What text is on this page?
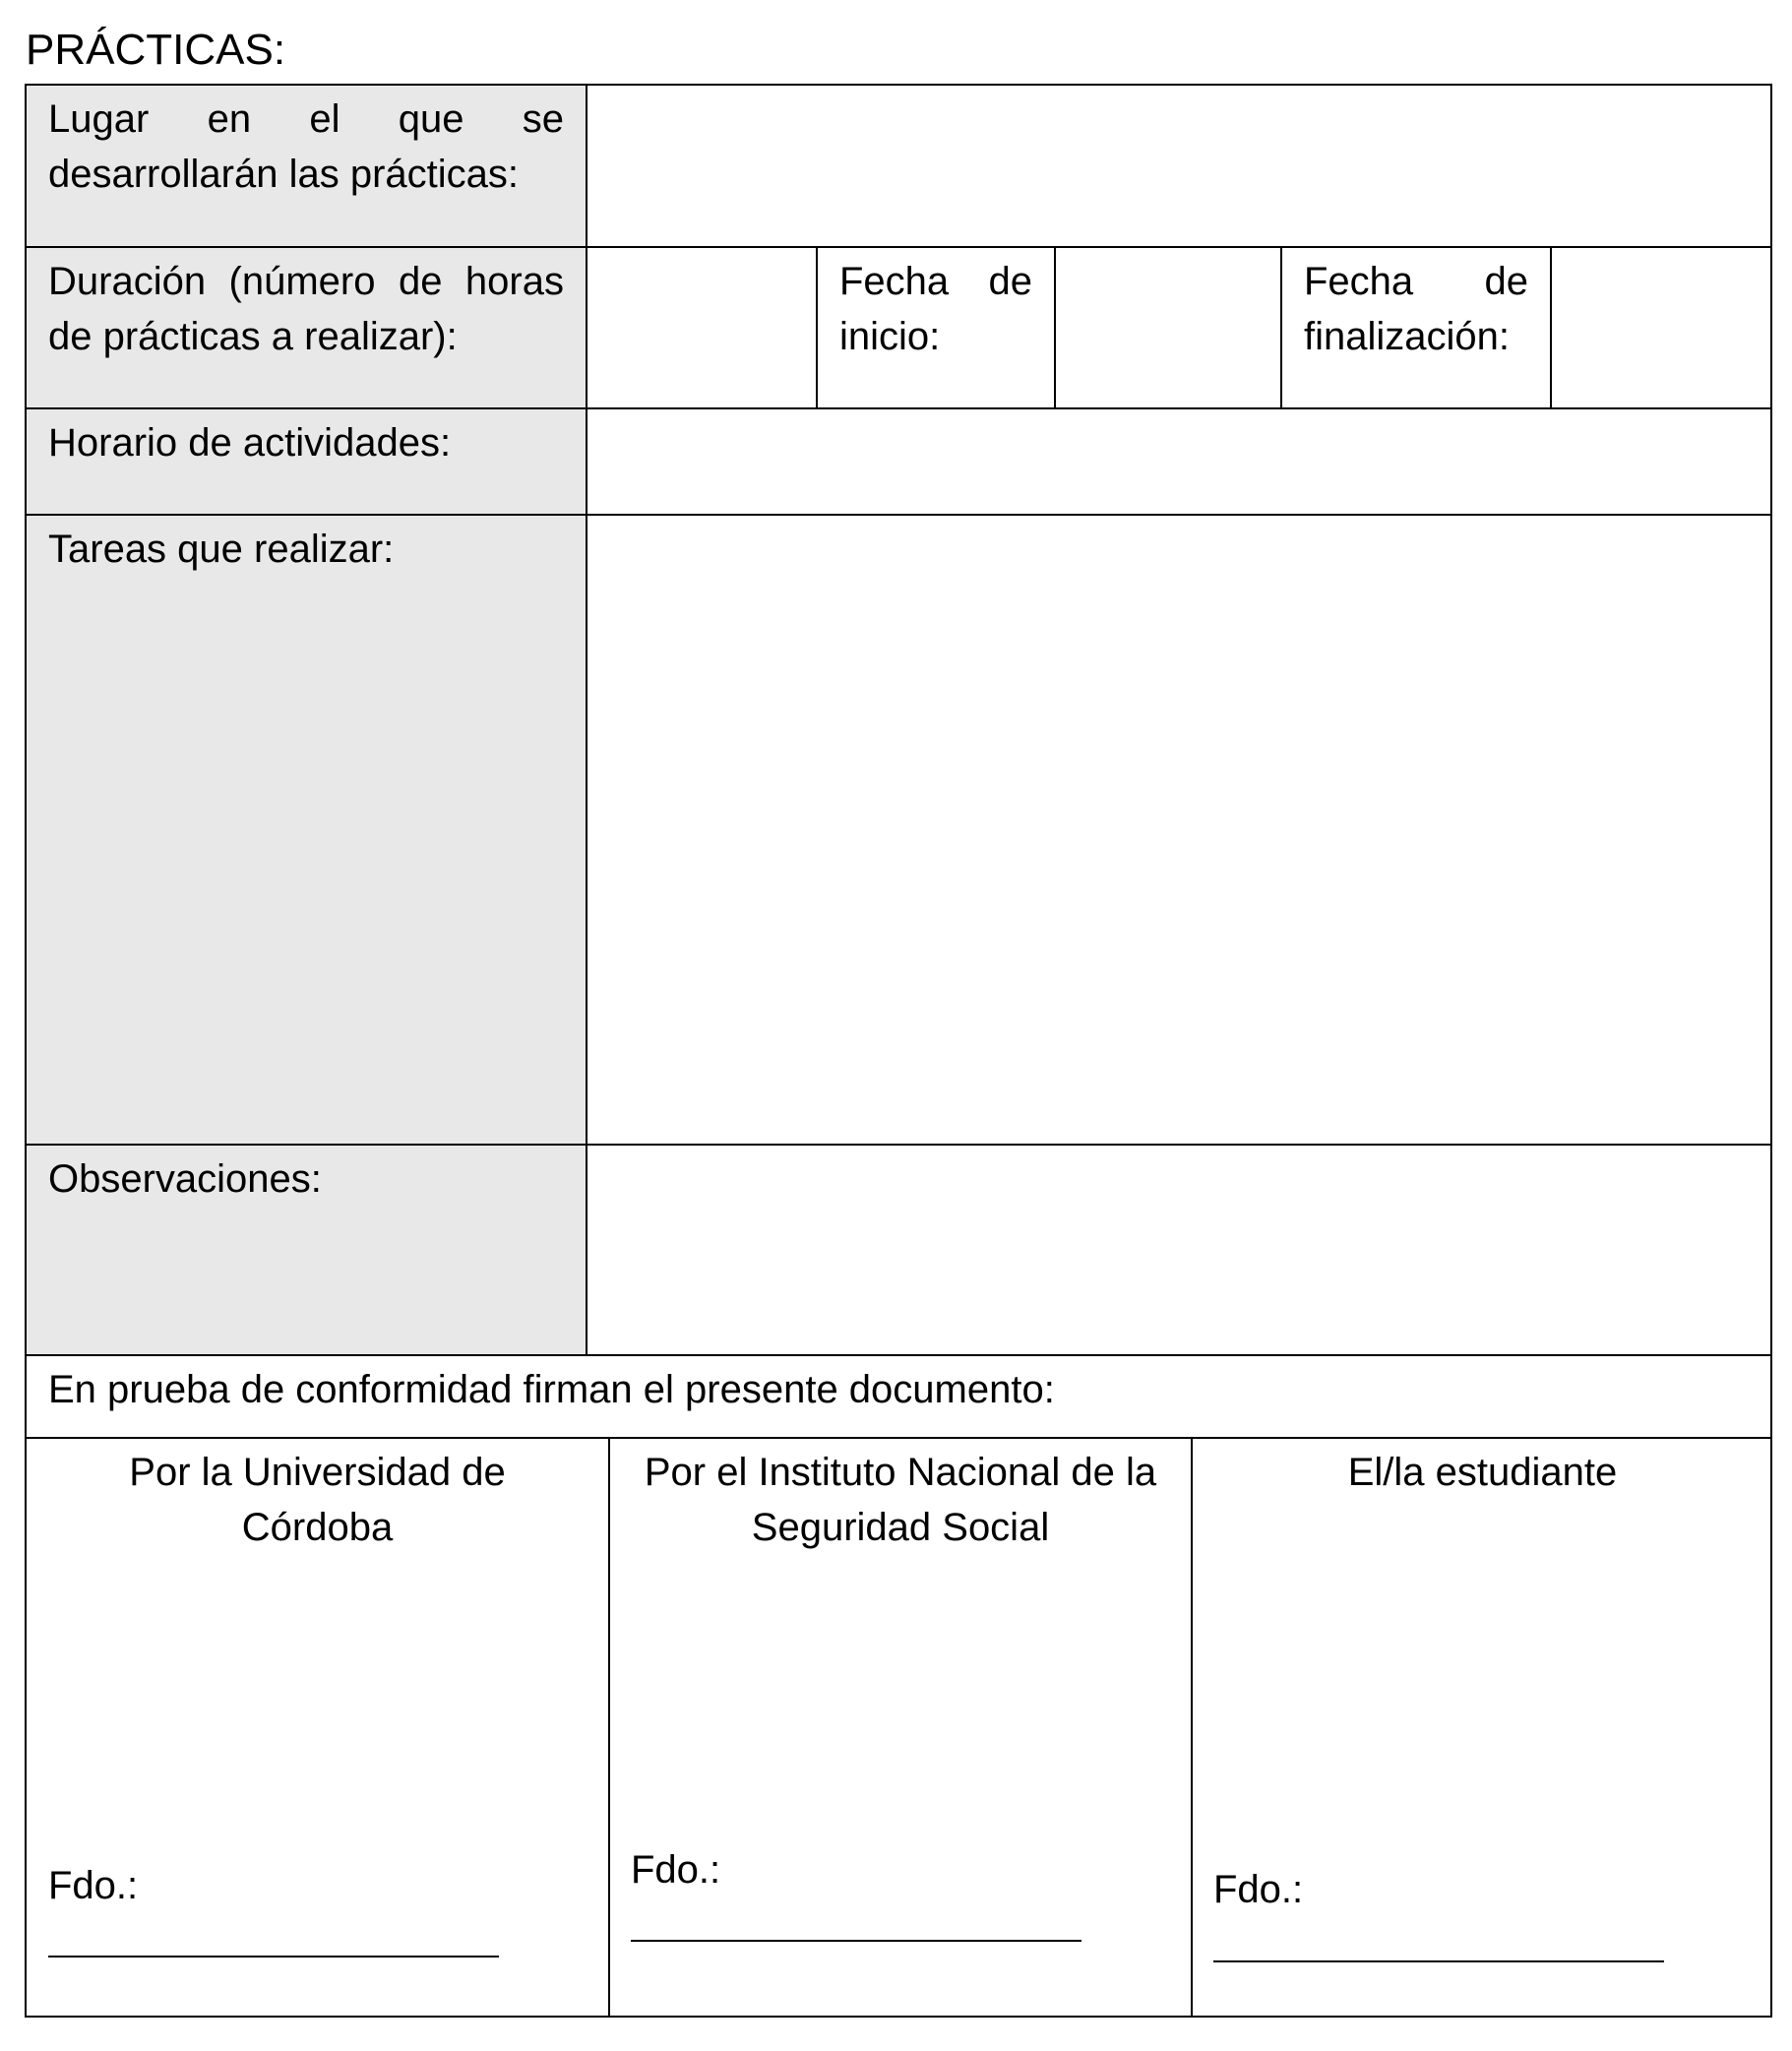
PRÁCTICAS:
Lugar en el que se desarrollarán las prácticas:
Duración (número de horas de prácticas a realizar):
Fecha de inicio:
Fecha de finalización:
Horario de actividades:
Tareas que realizar:
Observaciones:
En prueba de conformidad firman el presente documento:
Por la Universidad de Córdoba
Por el Instituto Nacional de la Seguridad Social
El/la estudiante
Fdo.:	Fdo.:	Fdo.:
